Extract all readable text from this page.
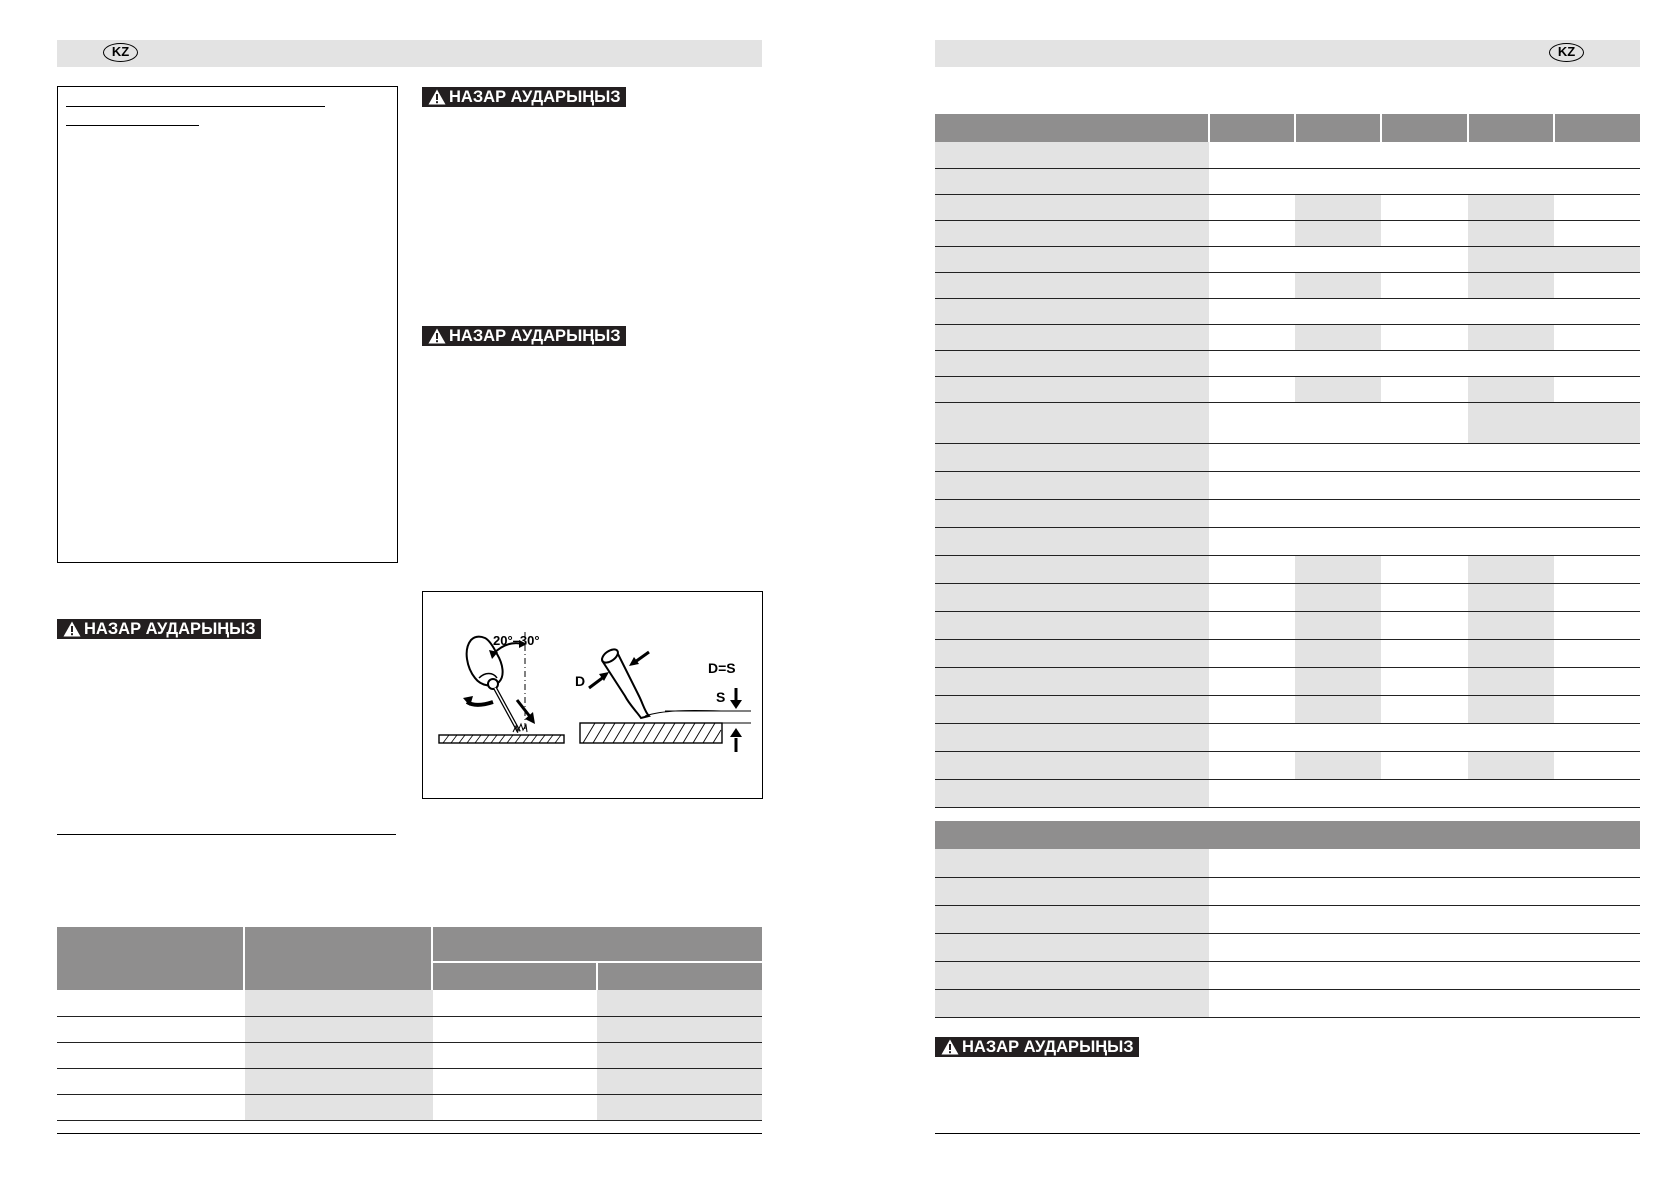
KZ
НАЗАР АУДАРЫҢЫЗ
НАЗАР АУДАРЫҢЫЗ
НАЗАР АУДАРЫҢЫЗ
20°–30°
D
D=S
S

KZ

НАЗАР АУДАРЫҢЫЗ
